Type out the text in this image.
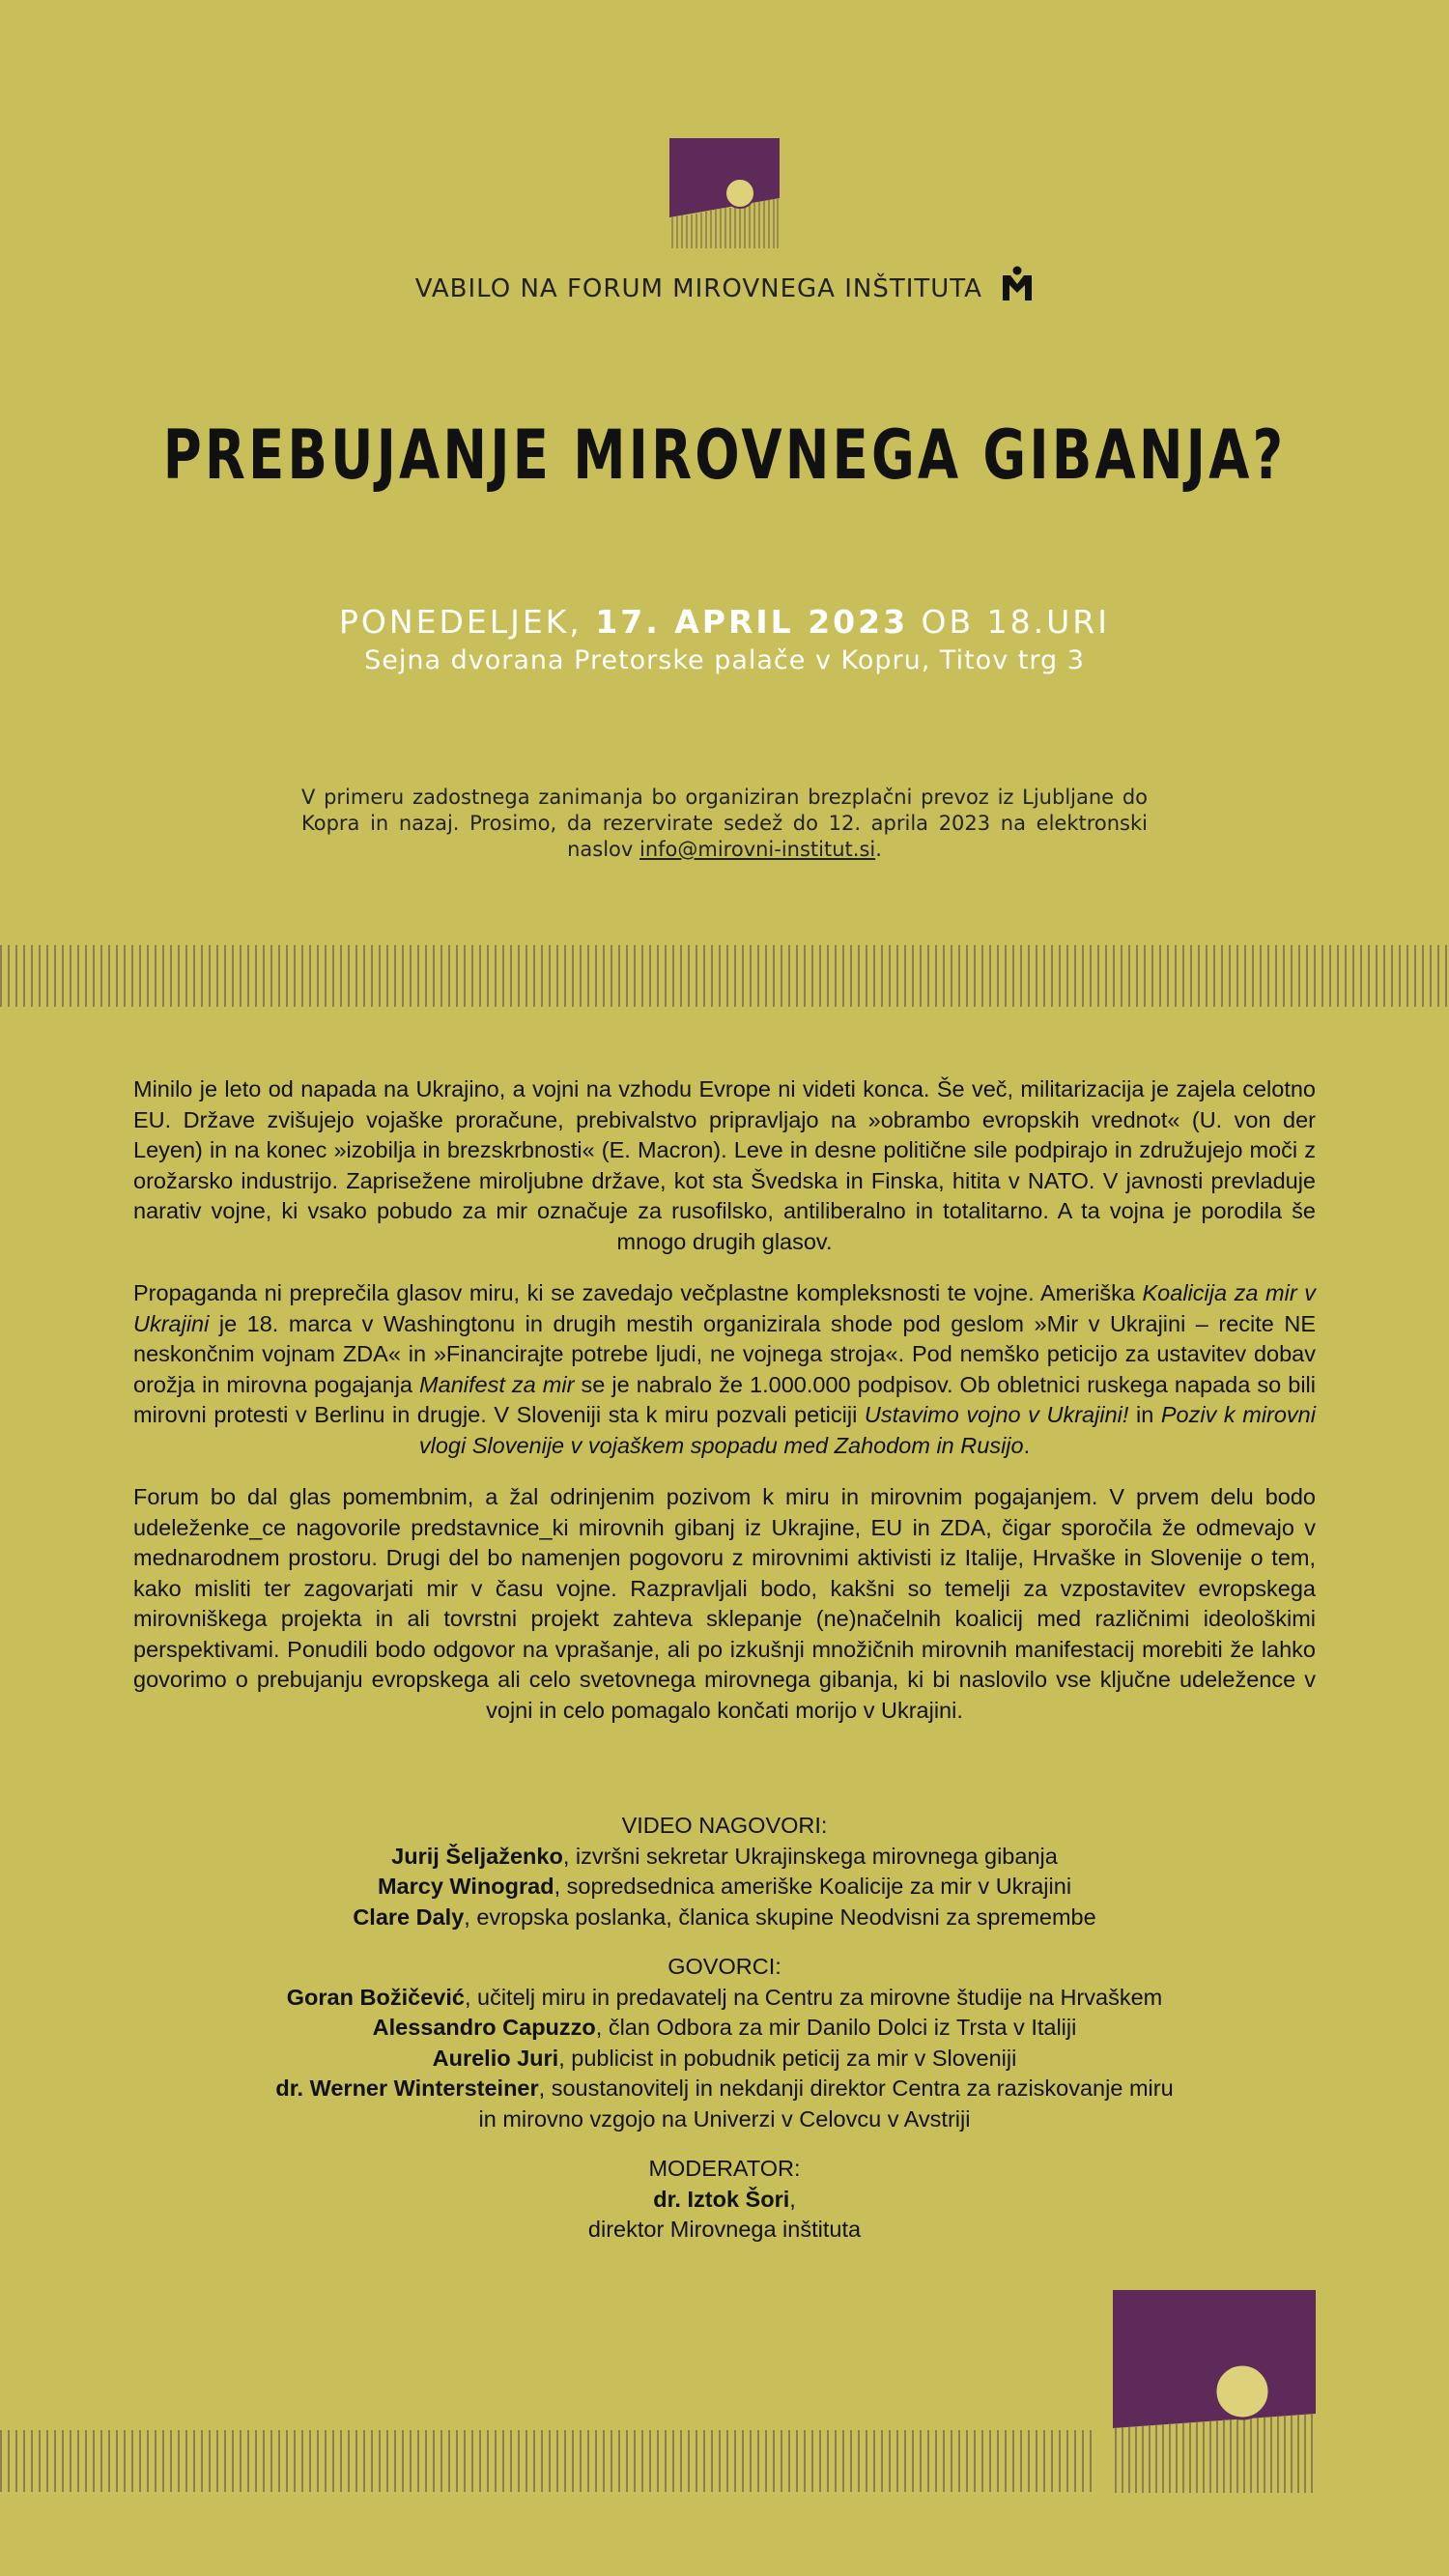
VABILO NA FORUM MIROVNEGA INŠTITUTA
PREBUJANJE MIROVNEGA GIBANJA?
PONEDELJEK, 17. APRIL 2023 OB 18.URI
Sejna dvorana Pretorske palače v Kopru, Titov trg 3
V primeru zadostnega zanimanja bo organiziran brezplačni prevoz iz Ljubljane do Kopra in nazaj. Prosimo, da rezervirate sedež do 12. aprila 2023 na elektronski naslov info@mirovni-institut.si.

Minilo je leto od napada na Ukrajino, a vojni na vzhodu Evrope ni videti konca. Še več, militarizacija je zajela celotno EU. Države zvišujejo vojaške proračune, prebivalstvo pripravljajo na »obrambo evropskih vrednot« (U. von der Leyen) in na konec »izobilja in brezskrbnosti« (E. Macron). Leve in desne politične sile podpirajo in združujejo moči z orožarsko industrijo. Zaprisežene miroljubne države, kot sta Švedska in Finska, hitita v NATO. V javnosti prevladuje narativ vojne, ki vsako pobudo za mir označuje za rusofilsko, antiliberalno in totalitarno. A ta vojna je porodila še mnogo drugih glasov.

Propaganda ni preprečila glasov miru, ki se zavedajo večplastne kompleksnosti te vojne. Ameriška Koalicija za mir v Ukrajini je 18. marca v Washingtonu in drugih mestih organizirala shode pod geslom »Mir v Ukrajini – recite NE neskončnim vojnam ZDA« in »Financirajte potrebe ljudi, ne vojnega stroja«. Pod nemško peticijo za ustavitev dobav orožja in mirovna pogajanja Manifest za mir se je nabralo že 1.000.000 podpisov. Ob obletnici ruskega napada so bili mirovni protesti v Berlinu in drugje. V Sloveniji sta k miru pozvali peticiji Ustavimo vojno v Ukrajini! in Poziv k mirovni vlogi Slovenije v vojaškem spopadu med Zahodom in Rusijo.

Forum bo dal glas pomembnim, a žal odrinjenim pozivom k miru in mirovnim pogajanjem. V prvem delu bodo udeleženke_ce nagovorile predstavnice_ki mirovnih gibanj iz Ukrajine, EU in ZDA, čigar sporočila že odmevajo v mednarodnem prostoru. Drugi del bo namenjen pogovoru z mirovnimi aktivisti iz Italije, Hrvaške in Slovenije o tem, kako misliti ter zagovarjati mir v času vojne. Razpravljali bodo, kakšni so temelji za vzpostavitev evropskega mirovniškega projekta in ali tovrstni projekt zahteva sklepanje (ne)načelnih koalicij med različnimi ideološkimi perspektivami. Ponudili bodo odgovor na vprašanje, ali po izkušnji množičnih mirovnih manifestacij morebiti že lahko govorimo o prebujanju evropskega ali celo svetovnega mirovnega gibanja, ki bi naslovilo vse ključne udeležence v vojni in celo pomagalo končati morijo v Ukrajini.

VIDEO NAGOVORI:
Jurij Šeljaženko, izvršni sekretar Ukrajinskega mirovnega gibanja
Marcy Winograd, sopredsednica ameriške Koalicije za mir v Ukrajini
Clare Daly, evropska poslanka, članica skupine Neodvisni za spremembe
GOVORCI:
Goran Božičević, učitelj miru in predavatelj na Centru za mirovne študije na Hrvaškem
Alessandro Capuzzo, član Odbora za mir Danilo Dolci iz Trsta v Italiji
Aurelio Juri, publicist in pobudnik peticij za mir v Sloveniji
dr. Werner Wintersteiner, soustanovitelj in nekdanji direktor Centra za raziskovanje miru
in mirovno vzgojo na Univerzi v Celovcu v Avstriji
MODERATOR:
dr. Iztok Šori,
direktor Mirovnega inštituta
